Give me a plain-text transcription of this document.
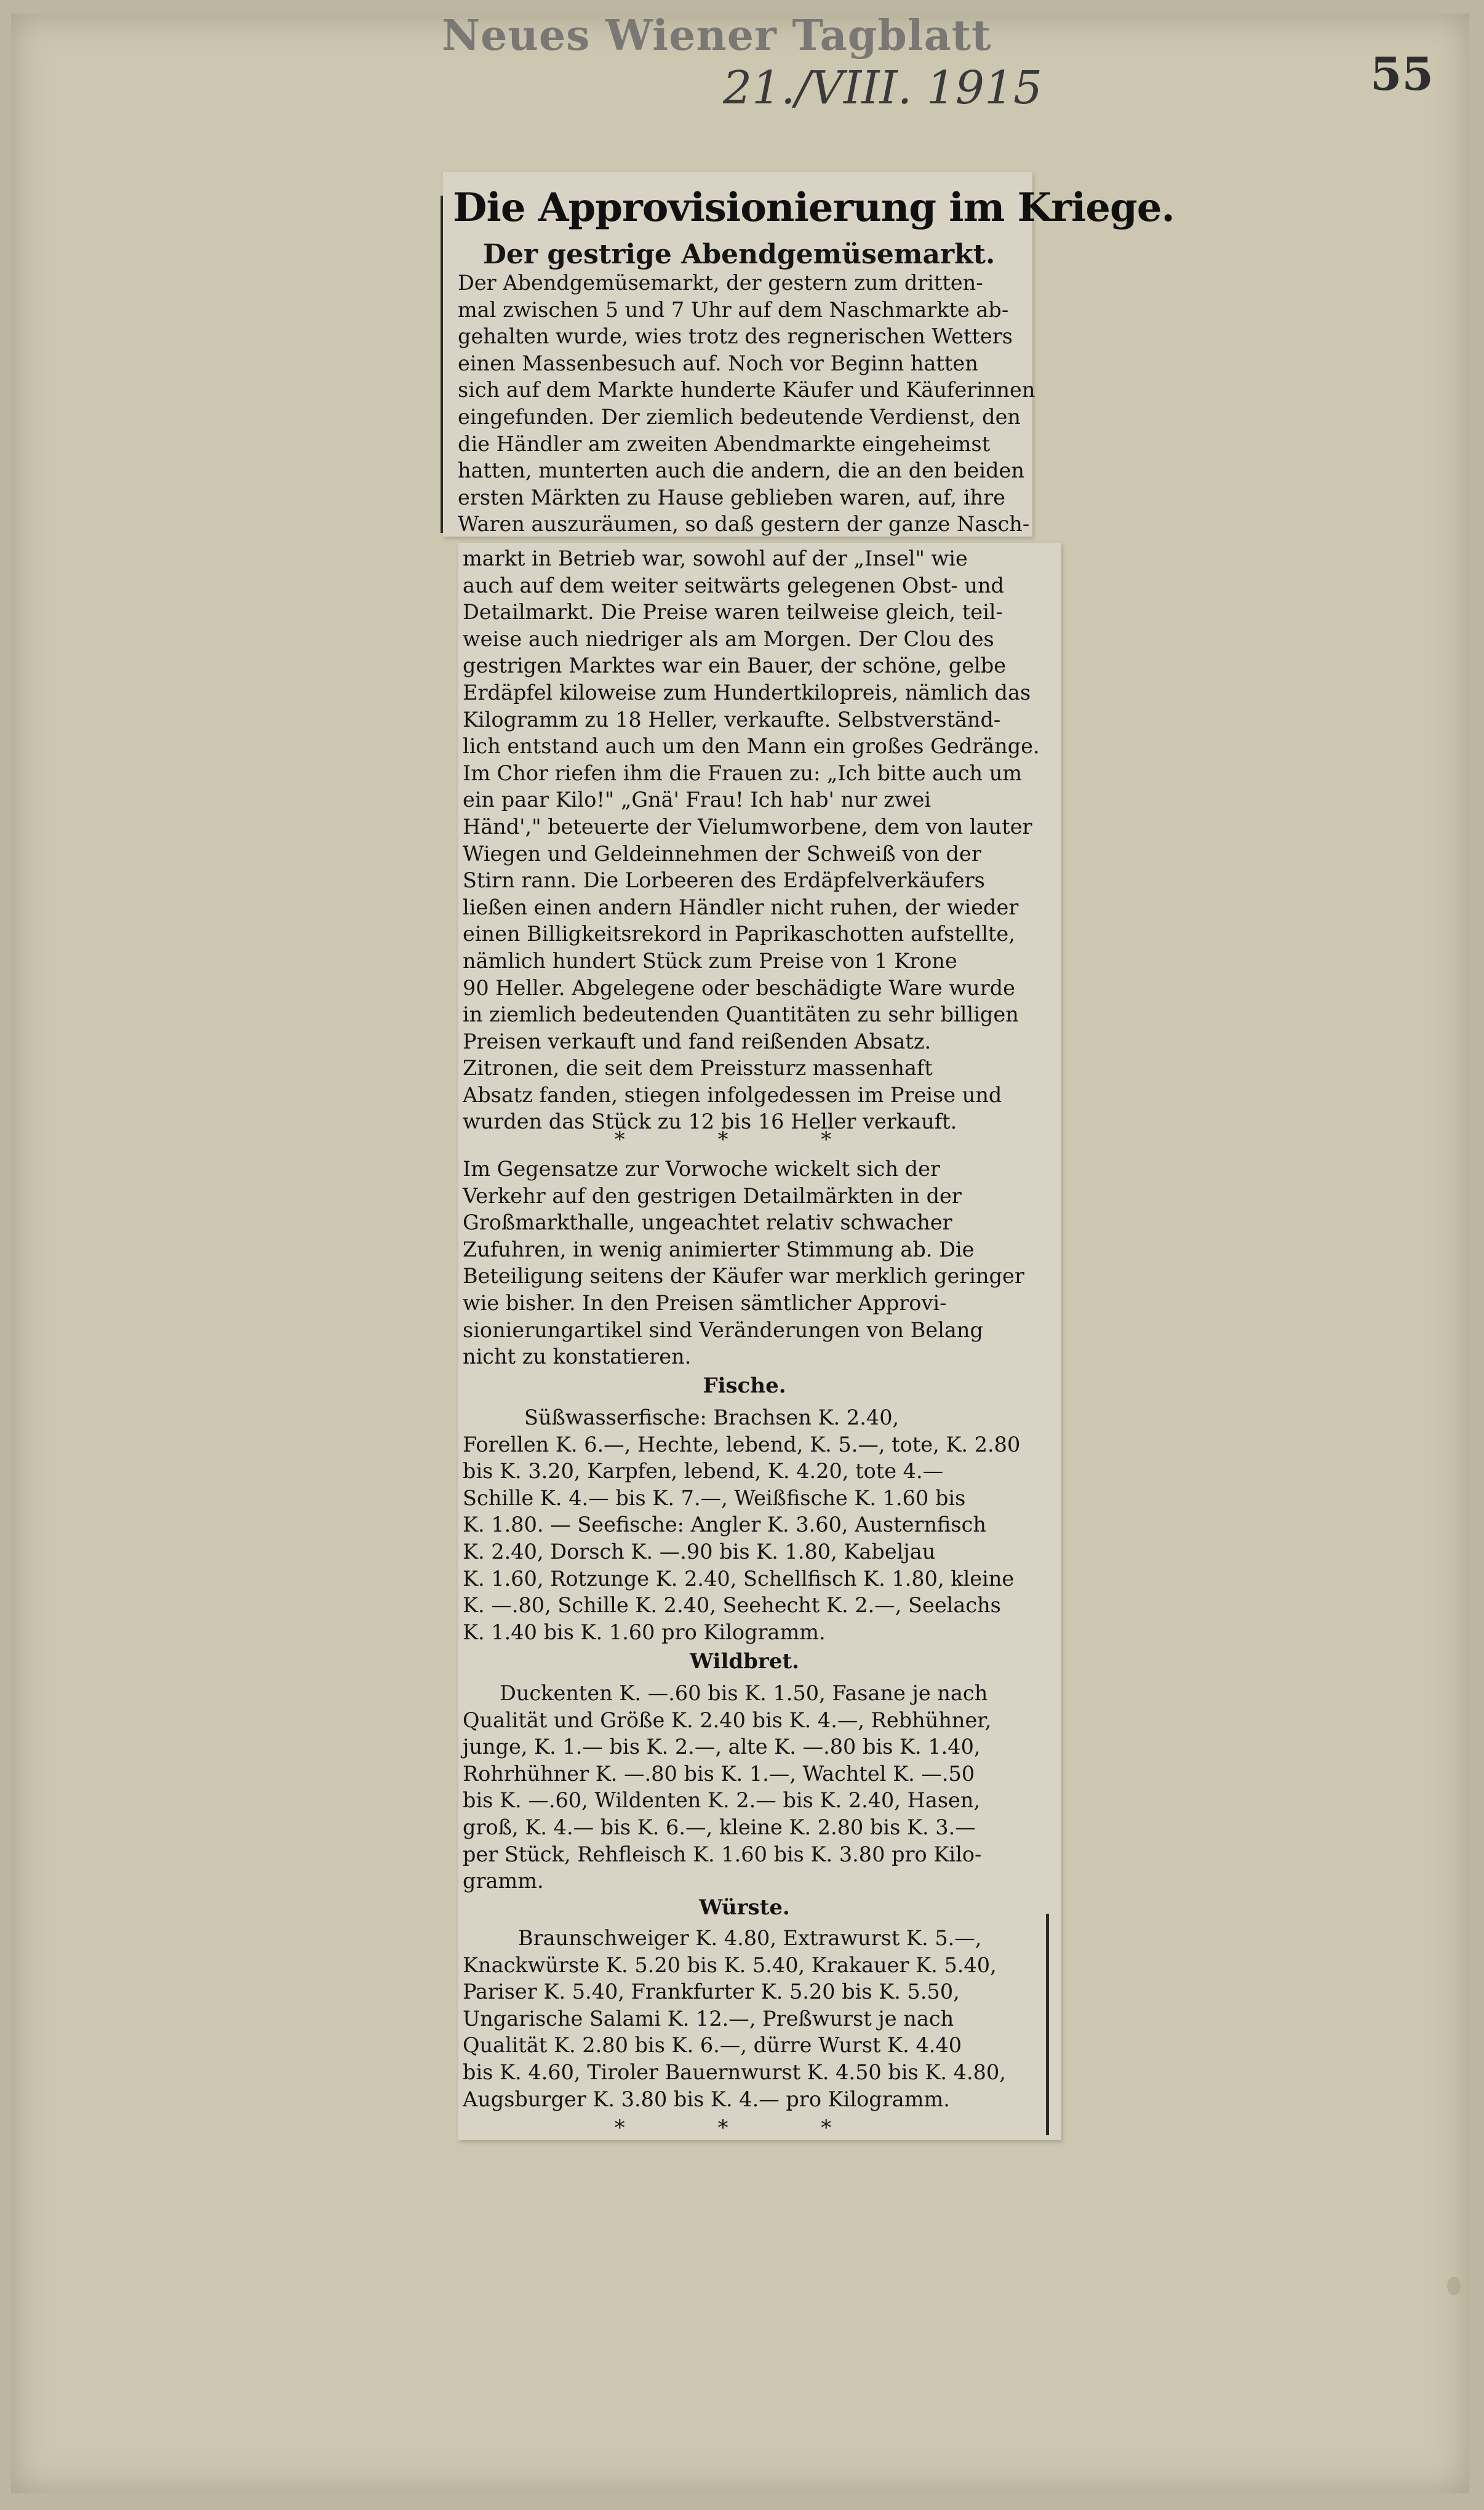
Neues Wiener Tagblatt
21./VIII. 1915	55
Die Approvisionierung im Kriege.
Der gestrige Abendgemüsemarkt.
Der Abendgemüsemarkt, der gestern zum dritten-
mal zwischen 5 und 7 Uhr auf dem Naschmarkte ab-
gehalten wurde, wies trotz des regnerischen Wetters
einen Massenbesuch auf. Noch vor Beginn hatten
sich auf dem Markte hunderte Käufer und Käuferinnen
eingefunden. Der ziemlich bedeutende Verdienst, den
die Händler am zweiten Abendmarkte eingeheimst
hatten, munterten auch die andern, die an den beiden
ersten Märkten zu Hause geblieben waren, auf, ihre
Waren auszuräumen, so daß gestern der ganze Nasch-
markt in Betrieb war, sowohl auf der „Insel" wie
auch auf dem weiter seitwärts gelegenen Obst- und
Detailmarkt. Die Preise waren teilweise gleich, teil-
weise auch niedriger als am Morgen. Der Clou des
gestrigen Marktes war ein Bauer, der schöne, gelbe
Erdäpfel kiloweise zum Hundertkilopreis, nämlich das
Kilogramm zu 18 Heller, verkaufte. Selbstverständ-
lich entstand auch um den Mann ein großes Gedränge.
Im Chor riefen ihm die Frauen zu: „Ich bitte auch um
ein paar Kilo!" „Gnä' Frau! Ich hab' nur zwei
Händ'," beteuerte der Vielumworbene, dem von lauter
Wiegen und Geldeinnehmen der Schweiß von der
Stirn rann. Die Lorbeeren des Erdäpfelverkäufers
ließen einen andern Händler nicht ruhen, der wieder
einen Billigkeitsrekord in Paprikaschotten aufstellte,
nämlich hundert Stück zum Preise von 1 Krone
90 Heller. Abgelegene oder beschädigte Ware wurde
in ziemlich bedeutenden Quantitäten zu sehr billigen
Preisen verkauft und fand reißenden Absatz.
Zitronen, die seit dem Preissturz massenhaft
Absatz fanden, stiegen infolgedessen im Preise und
wurden das Stück zu 12 bis 16 Heller verkauft.
* * *
Im Gegensatze zur Vorwoche wickelt sich der
Verkehr auf den gestrigen Detailmärkten in der
Großmarkthalle, ungeachtet relativ schwacher
Zufuhren, in wenig animierter Stimmung ab. Die
Beteiligung seitens der Käufer war merklich geringer
wie bisher. In den Preisen sämtlicher Approvi-
sionierungartikel sind Veränderungen von Belang
nicht zu konstatieren.
Fische.
Süßwasserfische: Brachsen K. 2.40,
Forellen K. 6.—, Hechte, lebend, K. 5.—, tote, K. 2.80
bis K. 3.20, Karpfen, lebend, K. 4.20, tote 4.—
Schille K. 4.— bis K. 7.—, Weißfische K. 1.60 bis
K. 1.80. — Seefische: Angler K. 3.60, Austernfisch
K. 2.40, Dorsch K. —.90 bis K. 1.80, Kabeljau
K. 1.60, Rotzunge K. 2.40, Schellfisch K. 1.80, kleine
K. —.80, Schille K. 2.40, Seehecht K. 2.—, Seelachs
K. 1.40 bis K. 1.60 pro Kilogramm.
Wildbret.
Duckenten K. —.60 bis K. 1.50, Fasane je nach
Qualität und Größe K. 2.40 bis K. 4.—, Rebhühner,
junge, K. 1.— bis K. 2.—, alte K. —.80 bis K. 1.40,
Rohrhühner K. —.80 bis K. 1.—, Wachtel K. —.50
bis K. —.60, Wildenten K. 2.— bis K. 2.40, Hasen,
groß, K. 4.— bis K. 6.—, kleine K. 2.80 bis K. 3.—
per Stück, Rehfleisch K. 1.60 bis K. 3.80 pro Kilo-
gramm.
Würste.
Braunschweiger K. 4.80, Extrawurst K. 5.—,
Knackwürste K. 5.20 bis K. 5.40, Krakauer K. 5.40,
Pariser K. 5.40, Frankfurter K. 5.20 bis K. 5.50,
Ungarische Salami K. 12.—, Preßwurst je nach
Qualität K. 2.80 bis K. 6.—, dürre Wurst K. 4.40
bis K. 4.60, Tiroler Bauernwurst K. 4.50 bis K. 4.80,
Augsburger K. 3.80 bis K. 4.— pro Kilogramm.
* * *
